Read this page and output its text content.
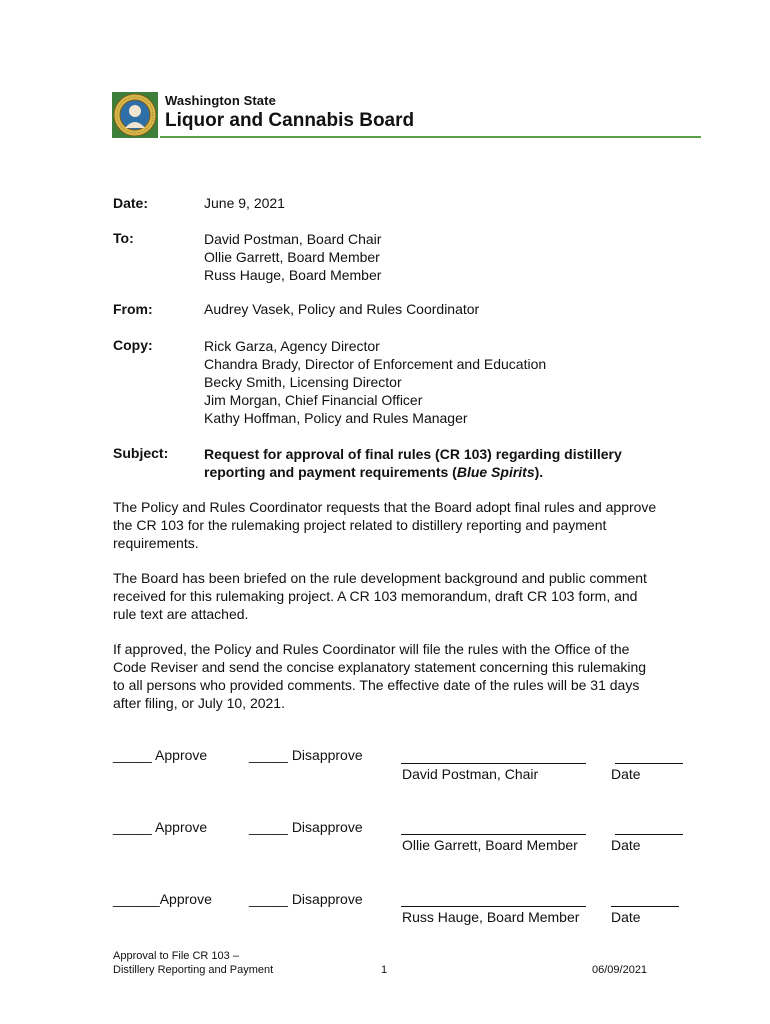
Washington State
Liquor and Cannabis Board
Date:	June 9, 2021
To:	David Postman, Board Chair
Ollie Garrett, Board Member
Russ Hauge, Board Member
From:	Audrey Vasek, Policy and Rules Coordinator
Copy:	Rick Garza, Agency Director
Chandra Brady, Director of Enforcement and Education
Becky Smith, Licensing Director
Jim Morgan, Chief Financial Officer
Kathy Hoffman, Policy and Rules Manager
Subject:	Request for approval of final rules (CR 103) regarding distillery
reporting and payment requirements (Blue Spirits).
The Policy and Rules Coordinator requests that the Board adopt final rules and approve
the CR 103 for the rulemaking project related to distillery reporting and payment
requirements.
The Board has been briefed on the rule development background and public comment
received for this rulemaking project. A CR 103 memorandum, draft CR 103 form, and
rule text are attached.
If approved, the Policy and Rules Coordinator will file the rules with the Office of the
Code Reviser and send the concise explanatory statement concerning this rulemaking
to all persons who provided comments. The effective date of the rules will be 31 days
after filing, or July 10, 2021.
_____ Approve	_____ Disapprove
David Postman, Chair	Date
_____ Approve	_____ Disapprove
Ollie Garrett, Board Member Date
______Approve	_____ Disapprove
Russ Hauge, Board Member Date
Approval to File CR 103 –
Distillery Reporting and Payment	1	06/09/2021
